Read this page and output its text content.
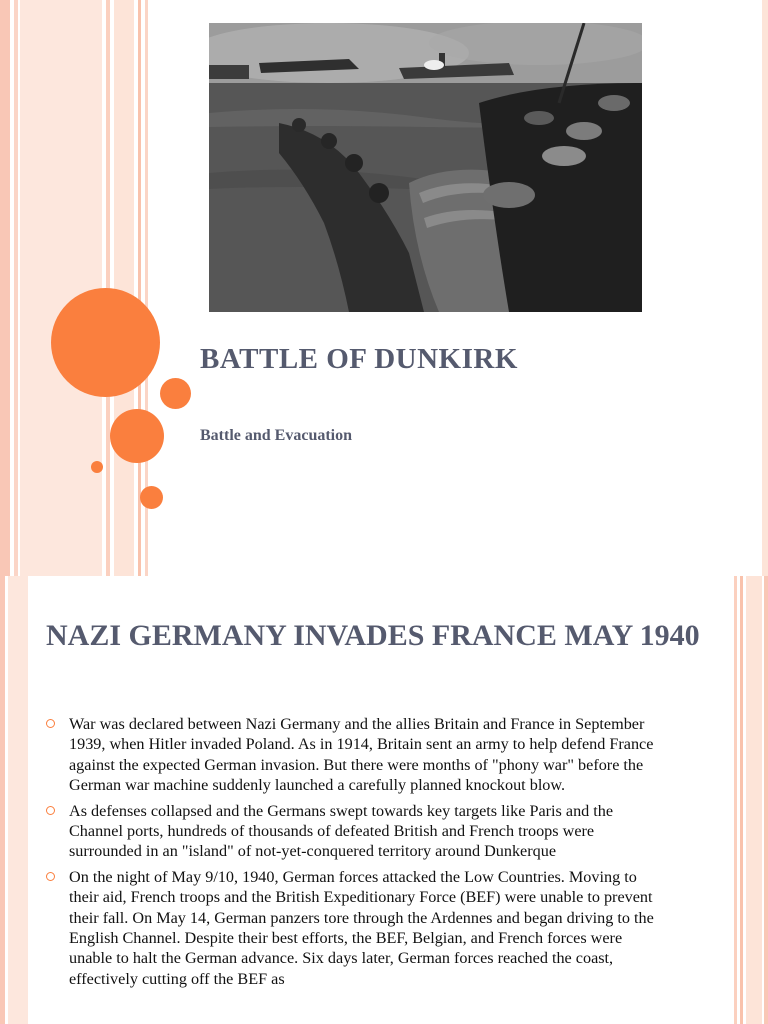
BATTLE OF DUNKIRK

Battle and Evacuation

NAZI GERMANY INVADES FRANCE MAY 1940
War was declared between Nazi Germany and the allies Britain and France in September 1939, when Hitler invaded Poland. As in 1914, Britain sent an army to help defend France against the expected German invasion. But there were months of "phony war" before the German war machine suddenly launched a carefully planned knockout blow.
As defenses collapsed and the Germans swept towards key targets like Paris and the Channel ports, hundreds of thousands of defeated British and French troops were surrounded in an "island" of not-yet-conquered territory around Dunkerque
On the night of May 9/10, 1940, German forces attacked the Low Countries. Moving to their aid, French troops and the British Expeditionary Force (BEF) were unable to prevent their fall. On May 14, German panzers tore through the Ardennes and began driving to the English Channel. Despite their best efforts, the BEF, Belgian, and French forces were unable to halt the German advance. Six days later, German forces reached the coast, effectively cutting off the BEF as
